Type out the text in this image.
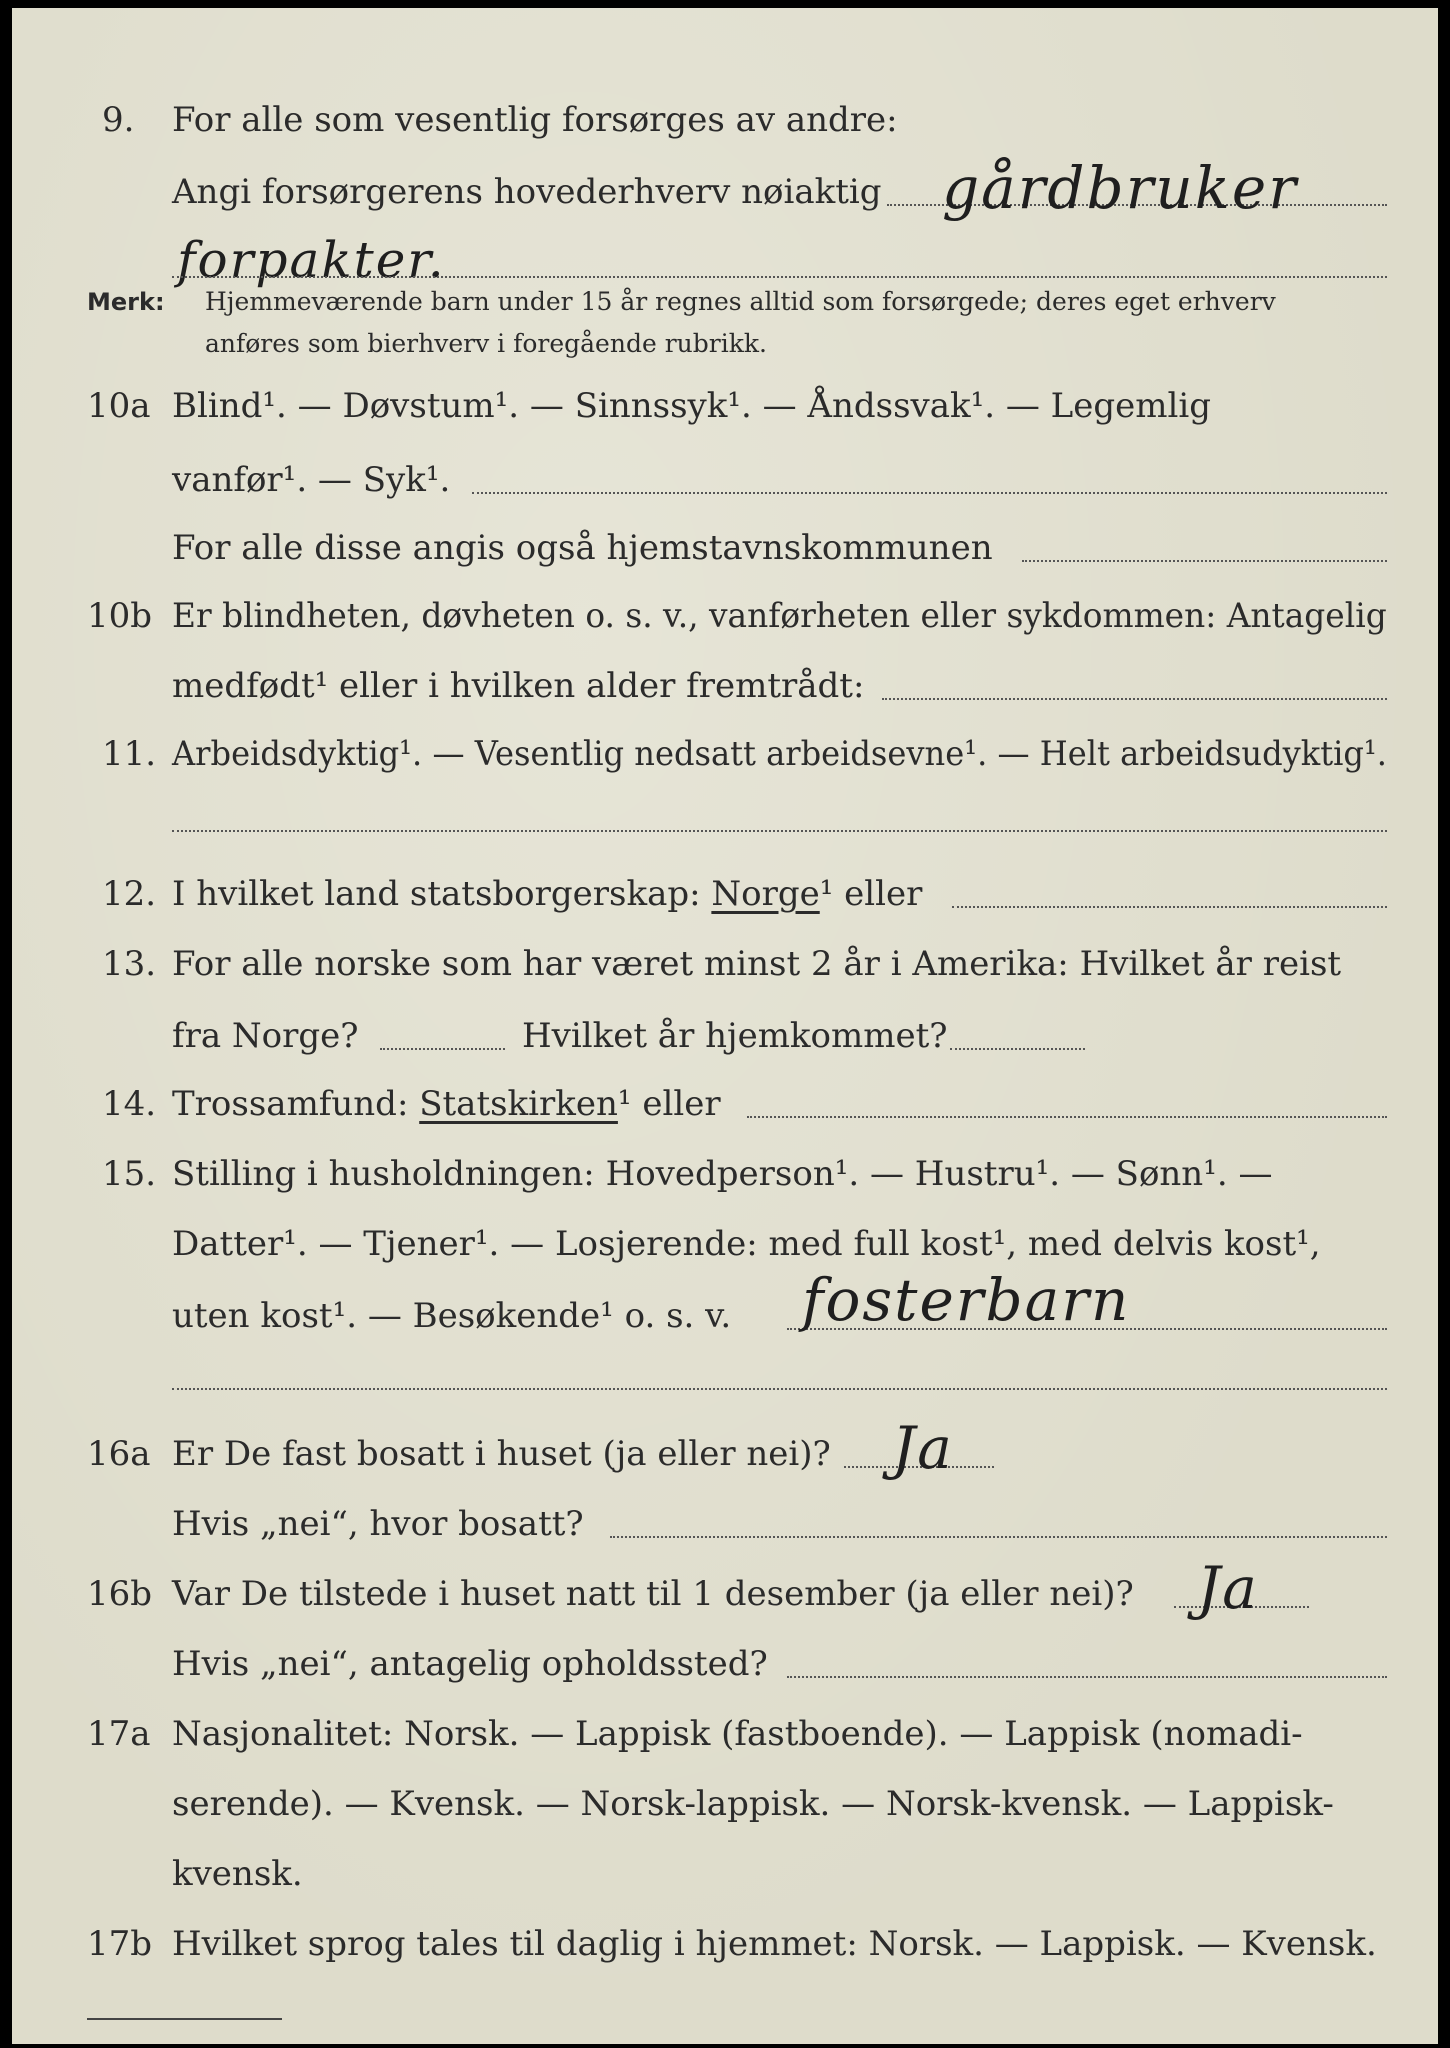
9. For alle som vesentlig forsørges av andre:
Angi forsørgerens hovederhverv nøiaktig gårdbruker
forpakter.
Merk: Hjemmeværende barn under 15 år regnes alltid som forsørgede; deres eget erhverv
anføres som bierhverv i foregående rubrikk.
10a Blind¹. — Døvstum¹. — Sinnssyk¹. — Åndssvak¹. — Legemlig
vanfør¹. — Syk¹.
For alle disse angis også hjemstavnskommunen
10b Er blindheten, døvheten o. s. v., vanførheten eller sykdommen: Antagelig
medfødt¹ eller i hvilken alder fremtrådt:
11. Arbeidsdyktig¹. — Vesentlig nedsatt arbeidsevne¹. — Helt arbeidsudyktig¹.
12. I hvilket land statsborgerskap: Norge¹ eller
13. For alle norske som har været minst 2 år i Amerika: Hvilket år reist
fra Norge?	Hvilket år hjemkommet?
14. Trossamfund: Statskirken¹ eller
15. Stilling i husholdningen: Hovedperson¹. — Hustru¹. — Sønn¹. —
Datter¹. — Tjener¹. — Losjerende: med full kost¹, med delvis kost¹,
uten kost¹. — Besøkende¹ o. s. v. fosterbarn
16a Er De fast bosatt i huset (ja eller nei)? Ja
Hvis „nei“, hvor bosatt?
16b Var De tilstede i huset natt til 1 desember (ja eller nei)? Ja
Hvis „nei“, antagelig opholdssted?
17a Nasjonalitet: Norsk. — Lappisk (fastboende). — Lappisk (nomadi-
serende). — Kvensk. — Norsk-lappisk. — Norsk-kvensk. — Lappisk-
kvensk.
17b Hvilket sprog tales til daglig i hjemmet: Norsk. — Lappisk. — Kvensk.
